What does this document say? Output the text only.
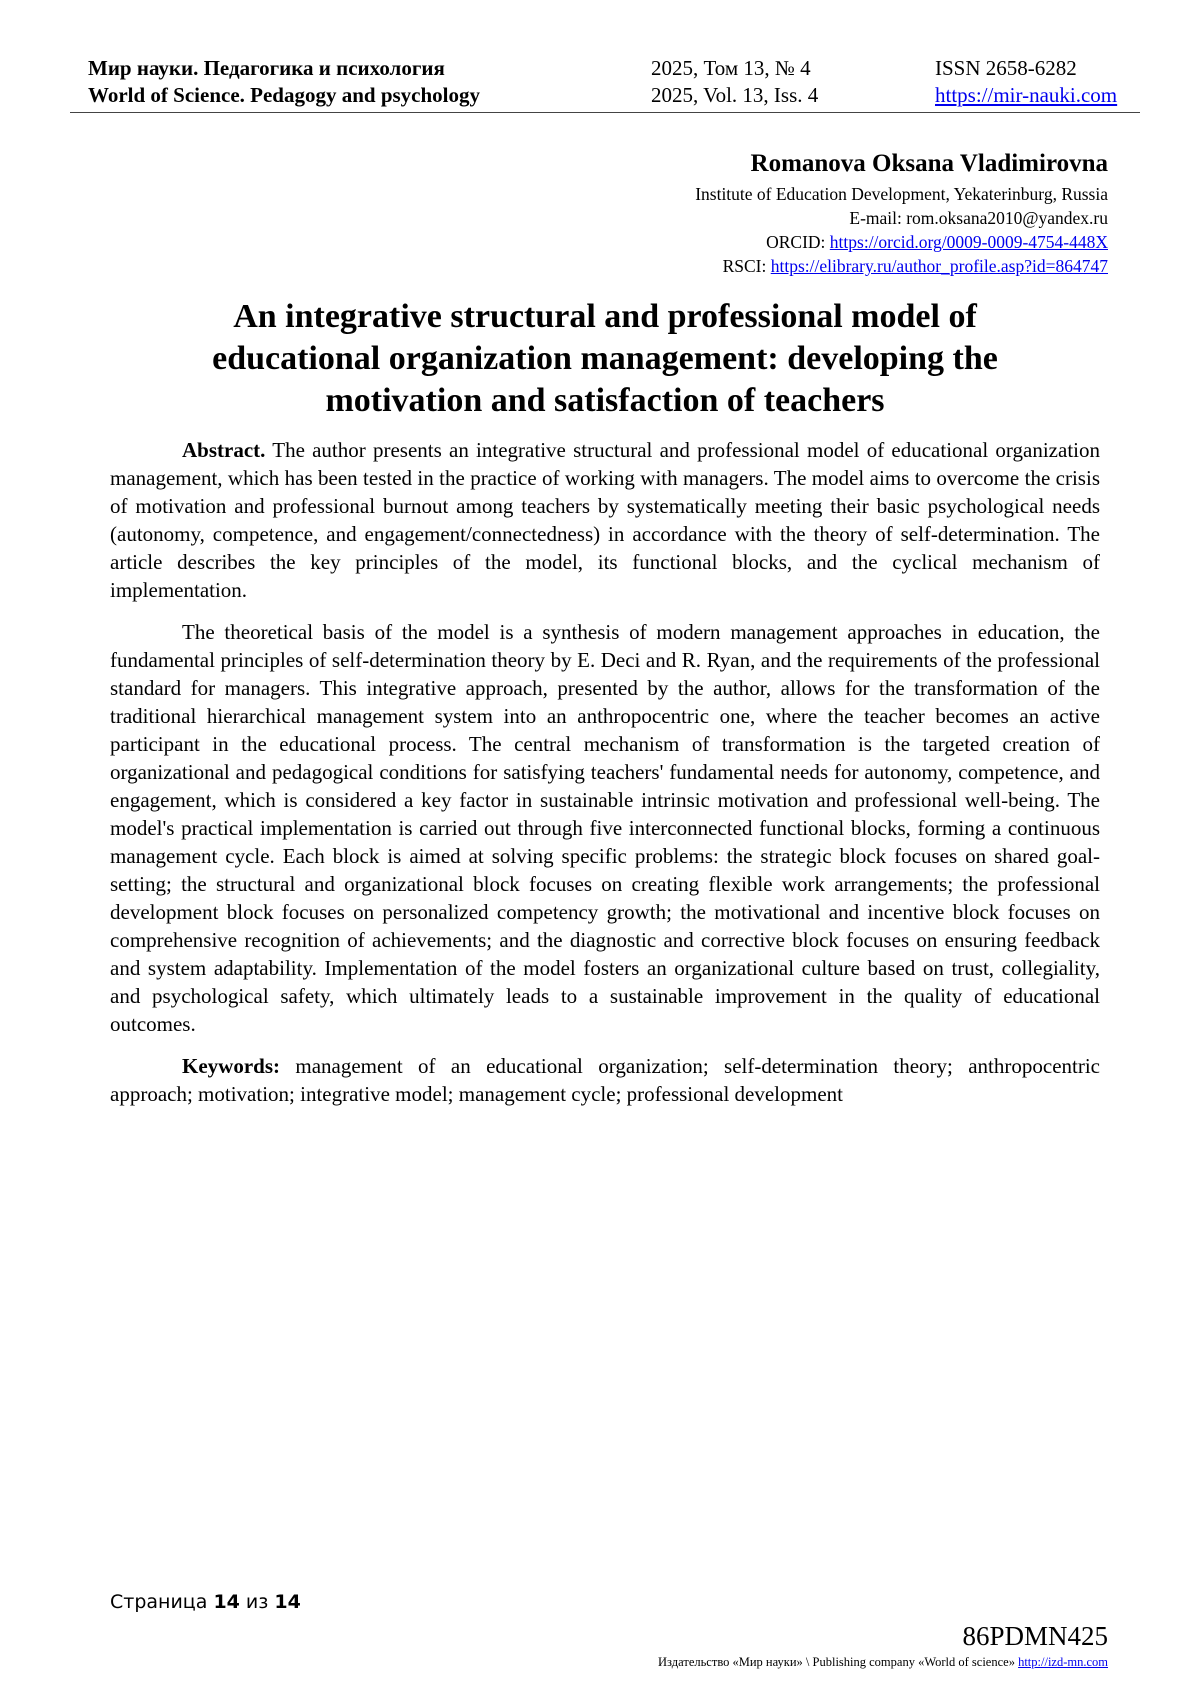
Мир науки. Педагогика и психология	2025, Том 13, № 4	ISSN 2658-6282
World of Science. Pedagogy and psychology	2025, Vol. 13, Iss. 4	https://mir-nauki.com
Romanova Oksana Vladimirovna
Institute of Education Development, Yekaterinburg, Russia
E-mail: rom.oksana2010@yandex.ru
ORCID: https://orcid.org/0009-0009-4754-448X
RSCI: https://elibrary.ru/author_profile.asp?id=864747
An integrative structural and professional model of
educational organization management: developing the
motivation and satisfaction of teachers

Abstract. The author presents an integrative structural and professional model of educational organization management, which has been tested in the practice of working with managers. The model aims to overcome the crisis of motivation and professional burnout among teachers by systematically meeting their basic psychological needs (autonomy, competence, and engagement/connectedness) in accordance with the theory of self-determination. The article describes the key principles of the model, its functional blocks, and the cyclical mechanism of implementation.

The theoretical basis of the model is a synthesis of modern management approaches in education, the fundamental principles of self-determination theory by E. Deci and R. Ryan, and the requirements of the professional standard for managers. This integrative approach, presented by the author, allows for the transformation of the traditional hierarchical management system into an anthropocentric one, where the teacher becomes an active participant in the educational process. The central mechanism of transformation is the targeted creation of organizational and pedagogical conditions for satisfying teachers' fundamental needs for autonomy, competence, and engagement, which is considered a key factor in sustainable intrinsic motivation and professional well-being. The model's practical implementation is carried out through five interconnected functional blocks, forming a continuous management cycle. Each block is aimed at solving specific problems: the strategic block focuses on shared goal-setting; the structural and organizational block focuses on creating flexible work arrangements; the professional development block focuses on personalized competency growth; the motivational and incentive block focuses on comprehensive recognition of achievements; and the diagnostic and corrective block focuses on ensuring feedback and system adaptability. Implementation of the model fosters an organizational culture based on trust, collegiality, and psychological safety, which ultimately leads to a sustainable improvement in the quality of educational outcomes.

Keywords: management of an educational organization; self-determination theory; anthropocentric approach; motivation; integrative model; management cycle; professional development

Страница 14 из 14
86PDMN425
Издательство «Мир науки» \ Publishing company «World of science» http://izd-mn.com
